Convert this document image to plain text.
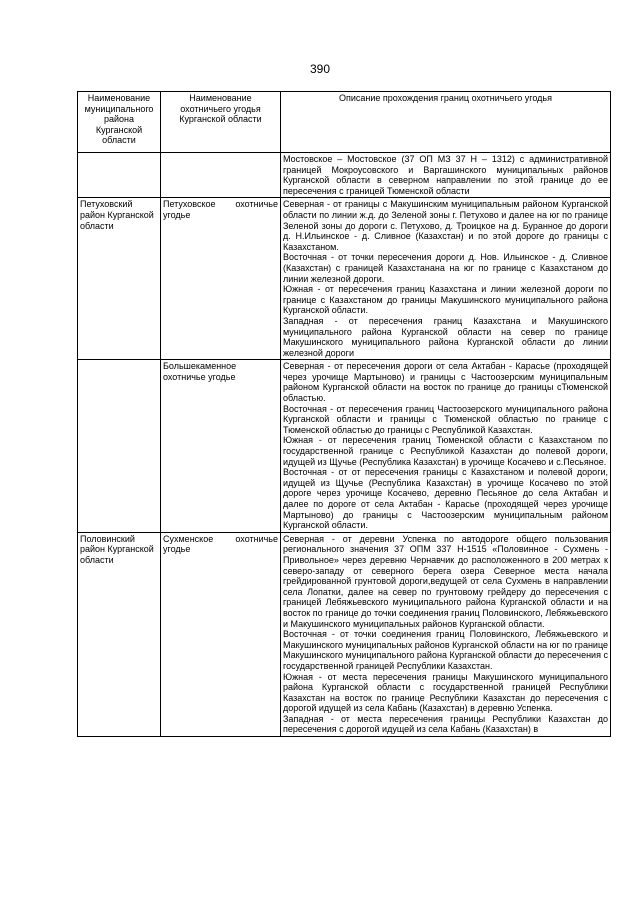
390
Наименование муниципального района Курганской области	Наименование охотничьего угодья Курганской области	Описание прохождения границ охотничьего угодья

		Мостовское – Мостовское (37 ОП МЗ 37 Н – 1312) с административной границей Мокроусовского и Варгашинского муниципальных районов Курганской области в северном направлении по этой границе до ее пересечения с границей Тюменской области

Петуховский район Курганской области	Петуховское охотничье угодье	Северная - от границы с Макушинским муниципальным районом Курганской области по линии ж.д. до Зеленой зоны г. Петухово и далее на юг по границе Зеленой зоны до дороги с. Петухово, д. Троицкое на д. Буранное до дороги д. Н.Ильинское - д. Сливное (Казахстан) и по этой дороге до границы с Казахстаном.

Восточная - от точки пересечения дороги д. Нов. Ильинское - д. Сливное (Казахстан) с границей Казахстанана на юг по границе с Казахстаном до линии железной дороги.

Южная - от пересечения границ Казахстана и линии железной дороги по границе с Казахстаном до границы Макушинского муниципального района Курганской области.

Западная - от пересечения границ Казахстана и Макушинского муниципального района Курганской области на север по границе Макушинского муниципального района Курганской области до линии железной дороги

	Большекаменное охотничье угодье	Северная - от пересечения дороги от села Актабан - Карасье (проходящей через урочище Мартыново) и границы с Частоозерским муниципальным районом Курганской области на восток по границе до границы сТюменской областью.

Восточная - от пересечения границ Частоозерского муниципального района Курганской области и границы с Тюменской областью по границе с Тюменской областью до границы с Республикой Казахстан.

Южная - от пересечения границ Тюменской области с Казахстаном по государственной границе с Республикой Казахстан до полевой дороги, идущей из Щучье (Республика Казахстан) в урочище Косачево и с.Песьяное.

Восточная - от от пересечения границы с Казахстаном и полевой дороги, идущей из Щучье (Республика Казахстан) в урочище Косачево по этой дороге через урочище Косачево, деревню Песьяное до села Актабан и далее по дороге от села Актабан - Карасье (проходящей через урочище Мартыново) до границы с Частоозерским муниципальным районом Курганской области.

Половинский район Курганской области	Сухменское охотничье угодье	Северная - от деревни Успенка по автодороге общего пользования регионального значения 37 ОПМ 337 Н-1515 «Половинное - Сухмень - Привольное» через деревню Чернавчик до расположенного в 200 метрах к северо-западу от северного берега озера Северное места начала грейдированной грунтовой дороги,ведущей от села Сухмень в направлении села Лопатки, далее на север по грунтовому грейдеру до пересечения с границей Лебяжьевского муниципального района Курганской области и на восток по границе до точки соединения границ Половинского, Лебяжьевского и Макушинского муниципальных районов Курганской области.

Восточная - от точки соединения границ Половинского, Лебяжьевского и Макушинского муниципальных районов Курганской области на юг по границе Макушинского муниципального района Курганской области до пересечения с государственной границей Республики Казахстан.

Южная - от места пересечения границы Макушинского муниципального района Курганской области с государственной границей Республики Казахстан на восток по границе Республики Казахстан до пересечения с дорогой идущей из села Кабань (Казахстан) в деревню Успенка.

Западная - от места пересечения границы Республики Казахстан до пересечения с дорогой идущей из села Кабань (Казахстан) в
